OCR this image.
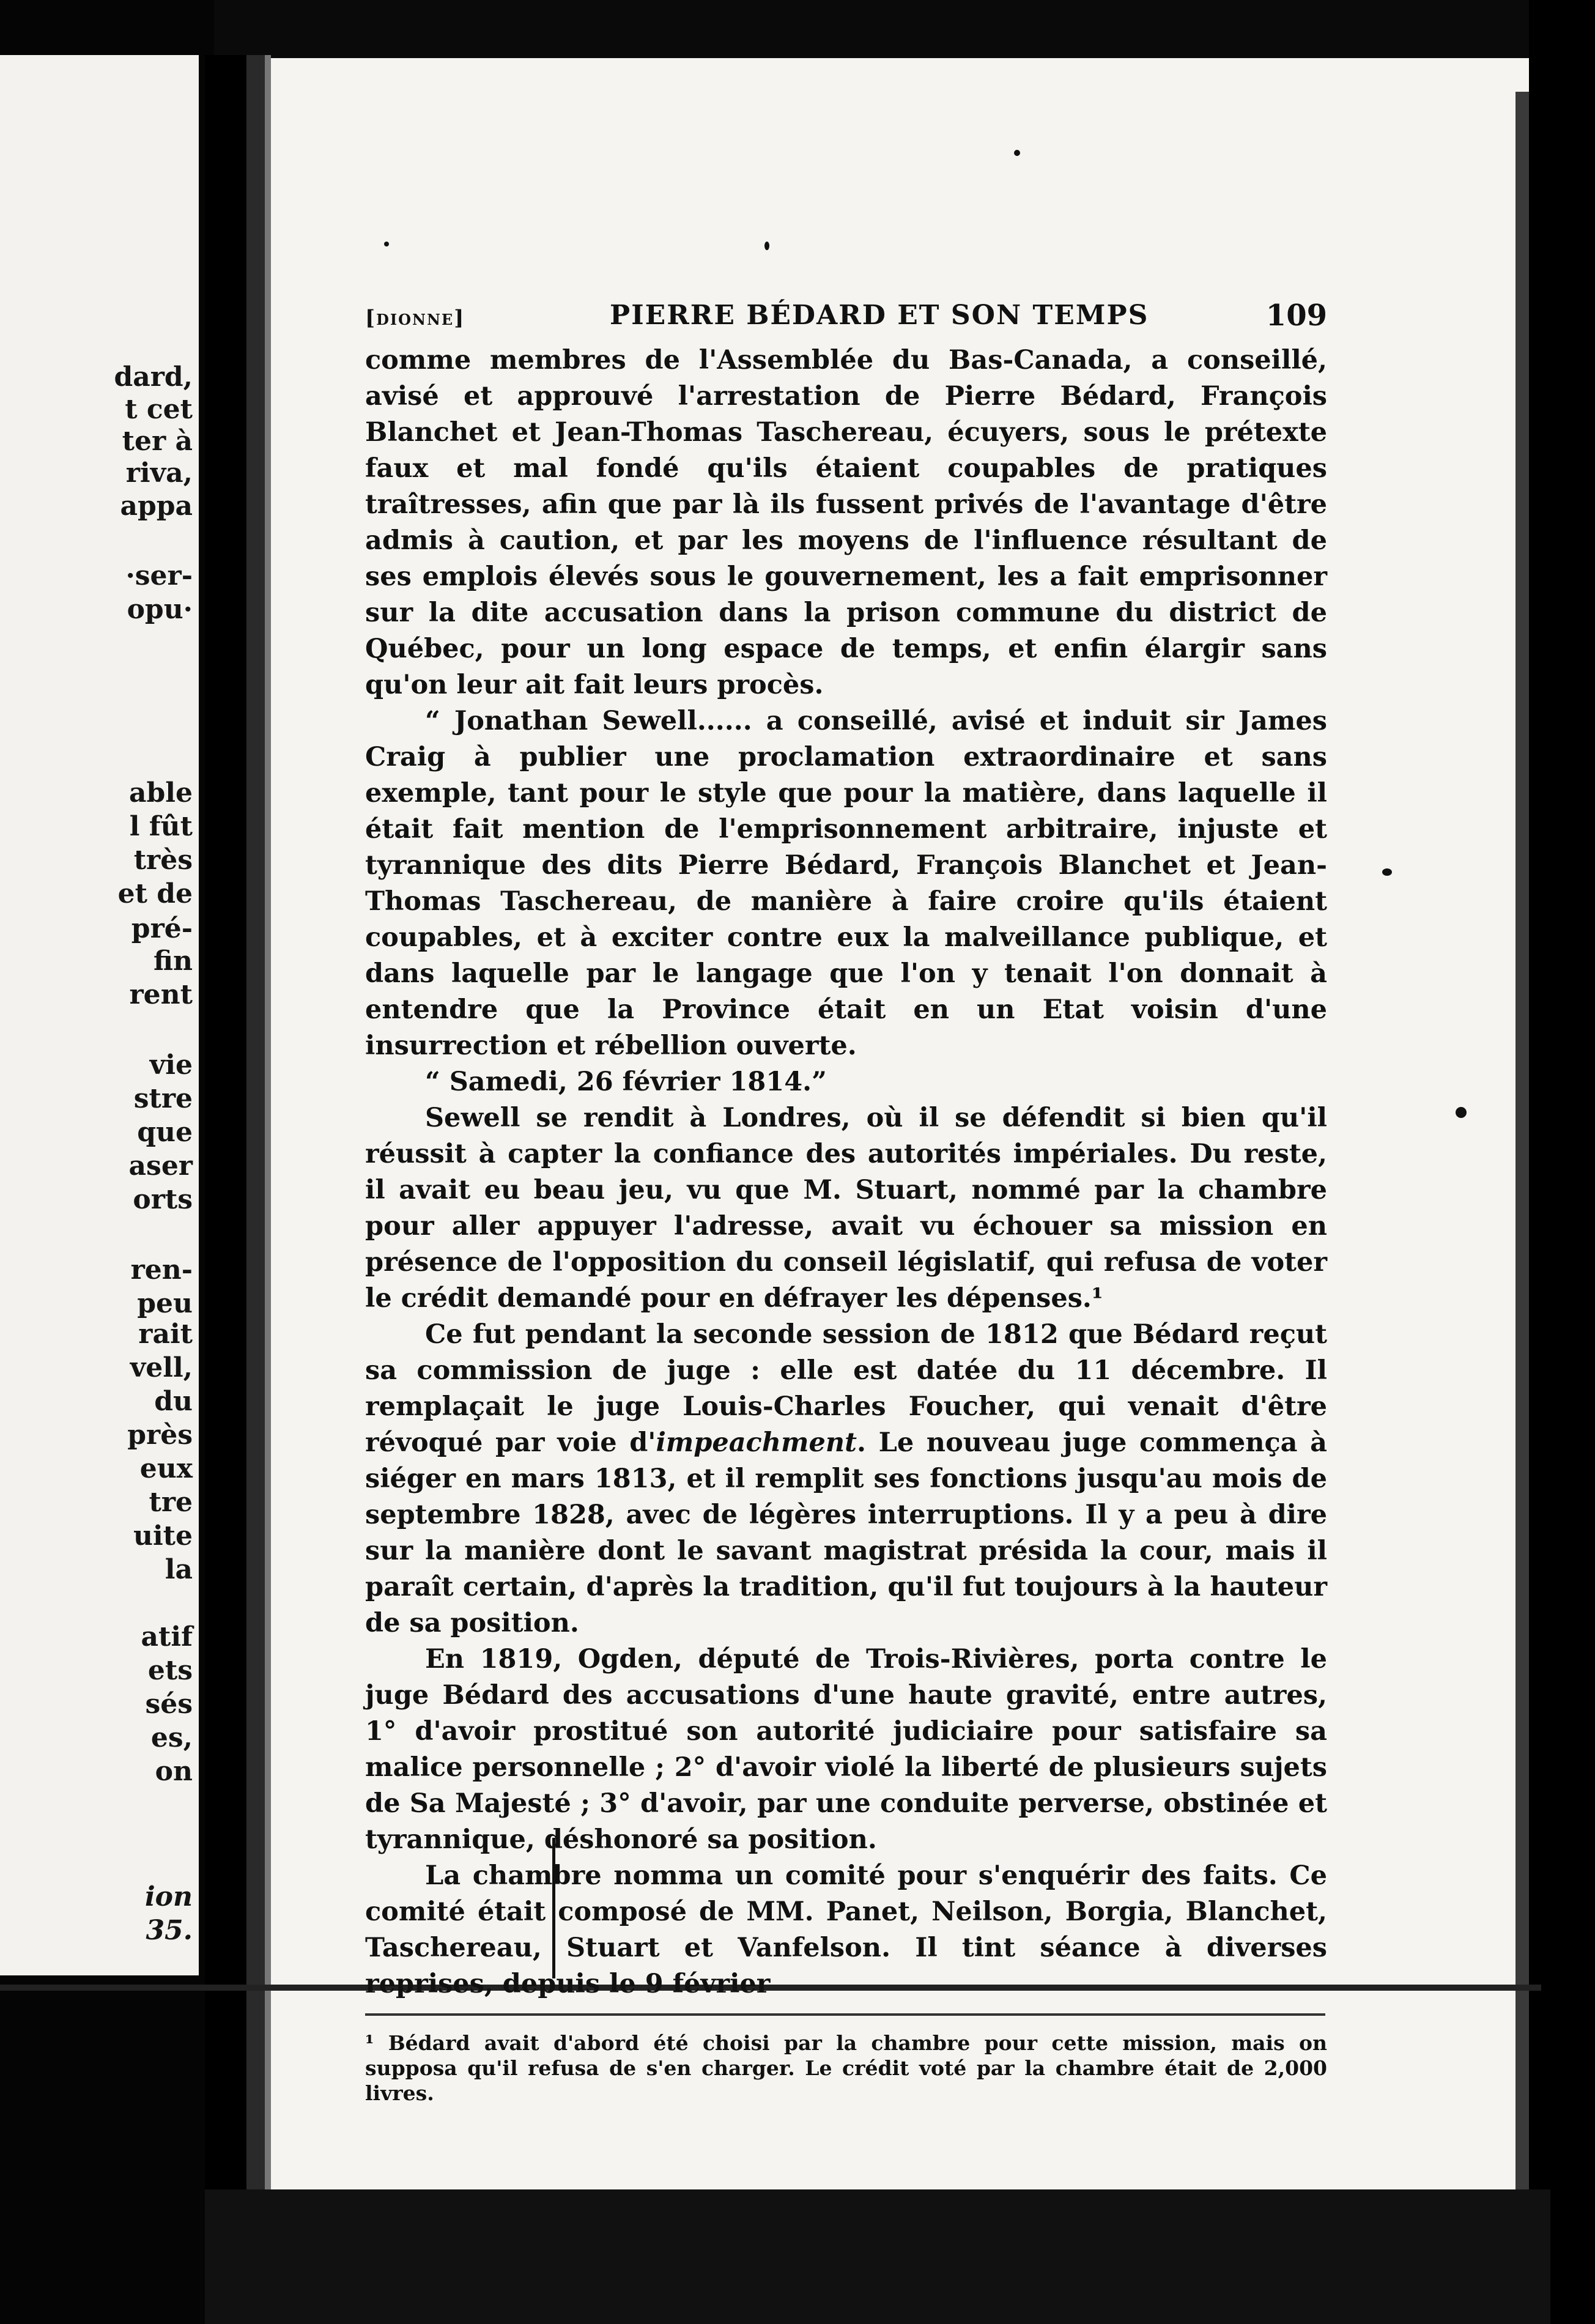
dard,
t cet
ter à
riva,
appa
·ser-
opu·
able
l fût
très
et de
pré-
fin
rent
vie
stre
que
aser
orts
ren-
peu
rait
vell,
du
près
eux
tre
uite
la
atif
ets
sés
es,
on
ion
35.
[dionne]	PIERRE BÉDARD ET SON TEMPS	109

comme membres de l'Assemblée du Bas-Canada, a conseillé, avisé et approuvé l'arrestation de Pierre Bédard, François Blanchet et Jean-Thomas Taschereau, écuyers, sous le prétexte faux et mal fondé qu'ils étaient coupables de pratiques traîtresses, afin que par là ils fussent privés de l'avantage d'être admis à caution, et par les moyens de l'influence résultant de ses emplois élevés sous le gouvernement, les a fait emprisonner sur la dite accusation dans la prison commune du district de Québec, pour un long espace de temps, et enfin élargir sans qu'on leur ait fait leurs procès.

“ Jonathan Sewell...... a conseillé, avisé et induit sir James Craig à publier une proclamation extraordinaire et sans exemple, tant pour le style que pour la matière, dans laquelle il était fait mention de l'emprisonnement arbitraire, injuste et tyrannique des dits Pierre Bédard, François Blanchet et Jean-Thomas Taschereau, de manière à faire croire qu'ils étaient coupables, et à exciter contre eux la malveillance publique, et dans laquelle par le langage que l'on y tenait l'on donnait à entendre que la Province était en un Etat voisin d'une insurrection et rébellion ouverte.

“ Samedi, 26 février 1814.”

Sewell se rendit à Londres, où il se défendit si bien qu'il réussit à capter la confiance des autorités impériales. Du reste, il avait eu beau jeu, vu que M. Stuart, nommé par la chambre pour aller appuyer l'adresse, avait vu échouer sa mission en présence de l'opposition du conseil législatif, qui refusa de voter le crédit demandé pour en défrayer les dépenses.¹

Ce fut pendant la seconde session de 1812 que Bédard reçut sa commission de juge : elle est datée du 11 décembre. Il remplaçait le juge Louis-Charles Foucher, qui venait d'être révoqué par voie d'impeachment. Le nouveau juge commença à siéger en mars 1813, et il remplit ses fonctions jusqu'au mois de septembre 1828, avec de légères interruptions. Il y a peu à dire sur la manière dont le savant magistrat présida la cour, mais il paraît certain, d'après la tradition, qu'il fut toujours à la hauteur de sa position.

En 1819, Ogden, député de Trois-Rivières, porta contre le juge Bédard des accusations d'une haute gravité, entre autres, 1° d'avoir prostitué son autorité judiciaire pour satisfaire sa malice personnelle ; 2° d'avoir violé la liberté de plusieurs sujets de Sa Majesté ; 3° d'avoir, par une conduite perverse, obstinée et tyrannique, déshonoré sa position.

La chambre nomma un comité pour s'enquérir des faits. Ce comité était composé de MM. Panet, Neilson, Borgia, Blanchet, Taschereau, Stuart et Vanfelson. Il tint séance à diverses reprises, depuis le 9 février

¹ Bédard avait d'abord été choisi par la chambre pour cette mission, mais on supposa qu'il refusa de s'en charger. Le crédit voté par la chambre était de 2,000 livres.
